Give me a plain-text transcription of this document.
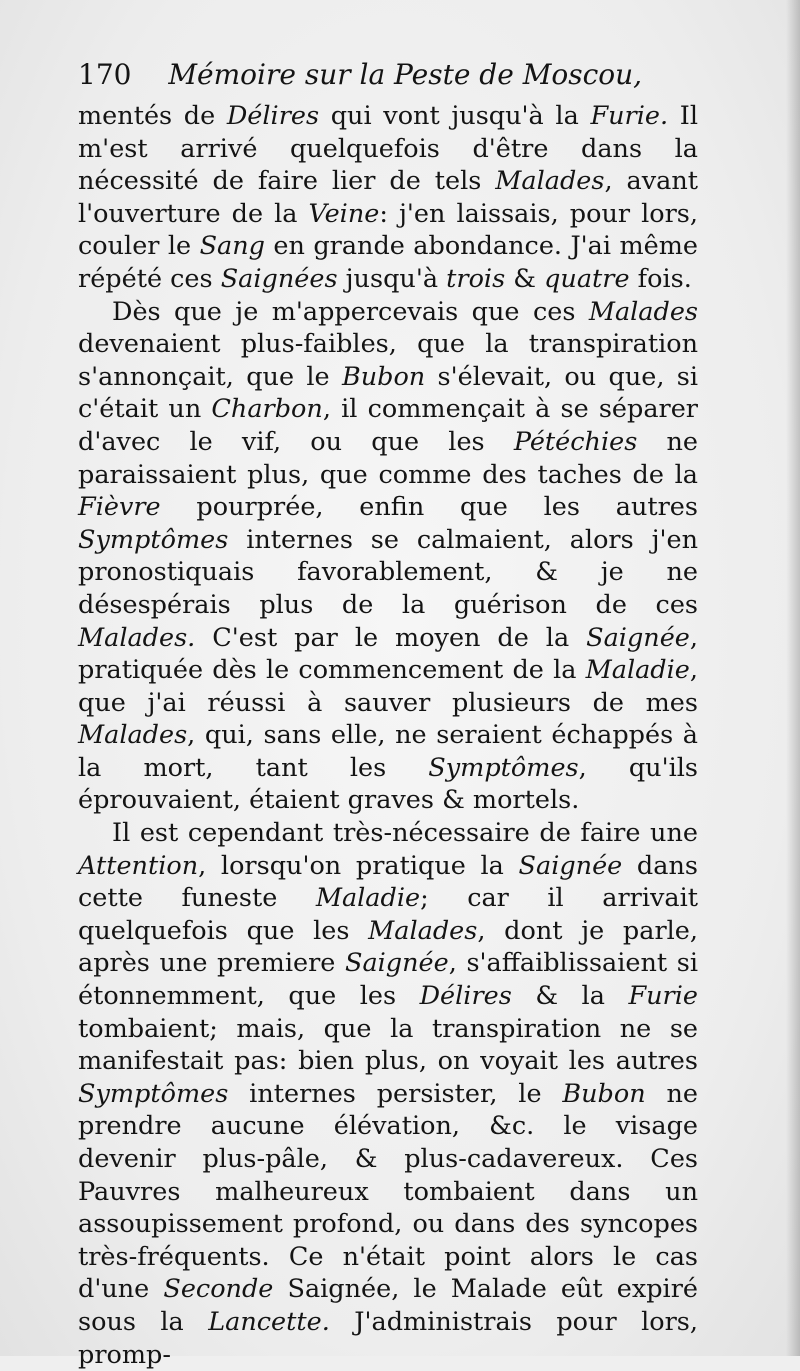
170 Mémoire sur la Peste de Moscou,

mentés de Délires qui vont jusqu'à la Furie. Il m'est arrivé quelquefois d'être dans la nécessité de faire lier de tels Malades, avant l'ouverture de la Veine: j'en laissais, pour lors, couler le Sang en grande abondance. J'ai même répété ces Saignées jusqu'à trois & quatre fois.

Dès que je m'appercevais que ces Malades devenaient plus-faibles, que la transpiration s'annonçait, que le Bubon s'élevait, ou que, si c'était un Charbon, il commençait à se séparer d'avec le vif, ou que les Pétéchies ne paraissaient plus, que comme des taches de la Fièvre pourprée, enfin que les autres Symptômes internes se calmaient, alors j'en pronostiquais favorablement, & je ne désespérais plus de la guérison de ces Malades. C'est par le moyen de la Saignée, pratiquée dès le commencement de la Maladie, que j'ai réussi à sauver plusieurs de mes Malades, qui, sans elle, ne seraient échappés à la mort, tant les Symptômes, qu'ils éprouvaient, étaient graves & mortels.

Il est cependant très-nécessaire de faire une Attention, lorsqu'on pratique la Saignée dans cette funeste Maladie; car il arrivait quelquefois que les Malades, dont je parle, après une premiere Saignée, s'affaiblissaient si étonnemment, que les Délires & la Furie tombaient; mais, que la transpiration ne se manifestait pas: bien plus, on voyait les autres Symptômes internes persister, le Bubon ne prendre aucune élévation, &c. le visage devenir plus-pâle, & plus-cadavereux. Ces Pauvres malheureux tombaient dans un assoupissement profond, ou dans des syncopes très-fréquents. Ce n'était point alors le cas d'une Seconde Saignée, le Malade eût expiré sous la Lancette. J'administrais pour lors, promp-
